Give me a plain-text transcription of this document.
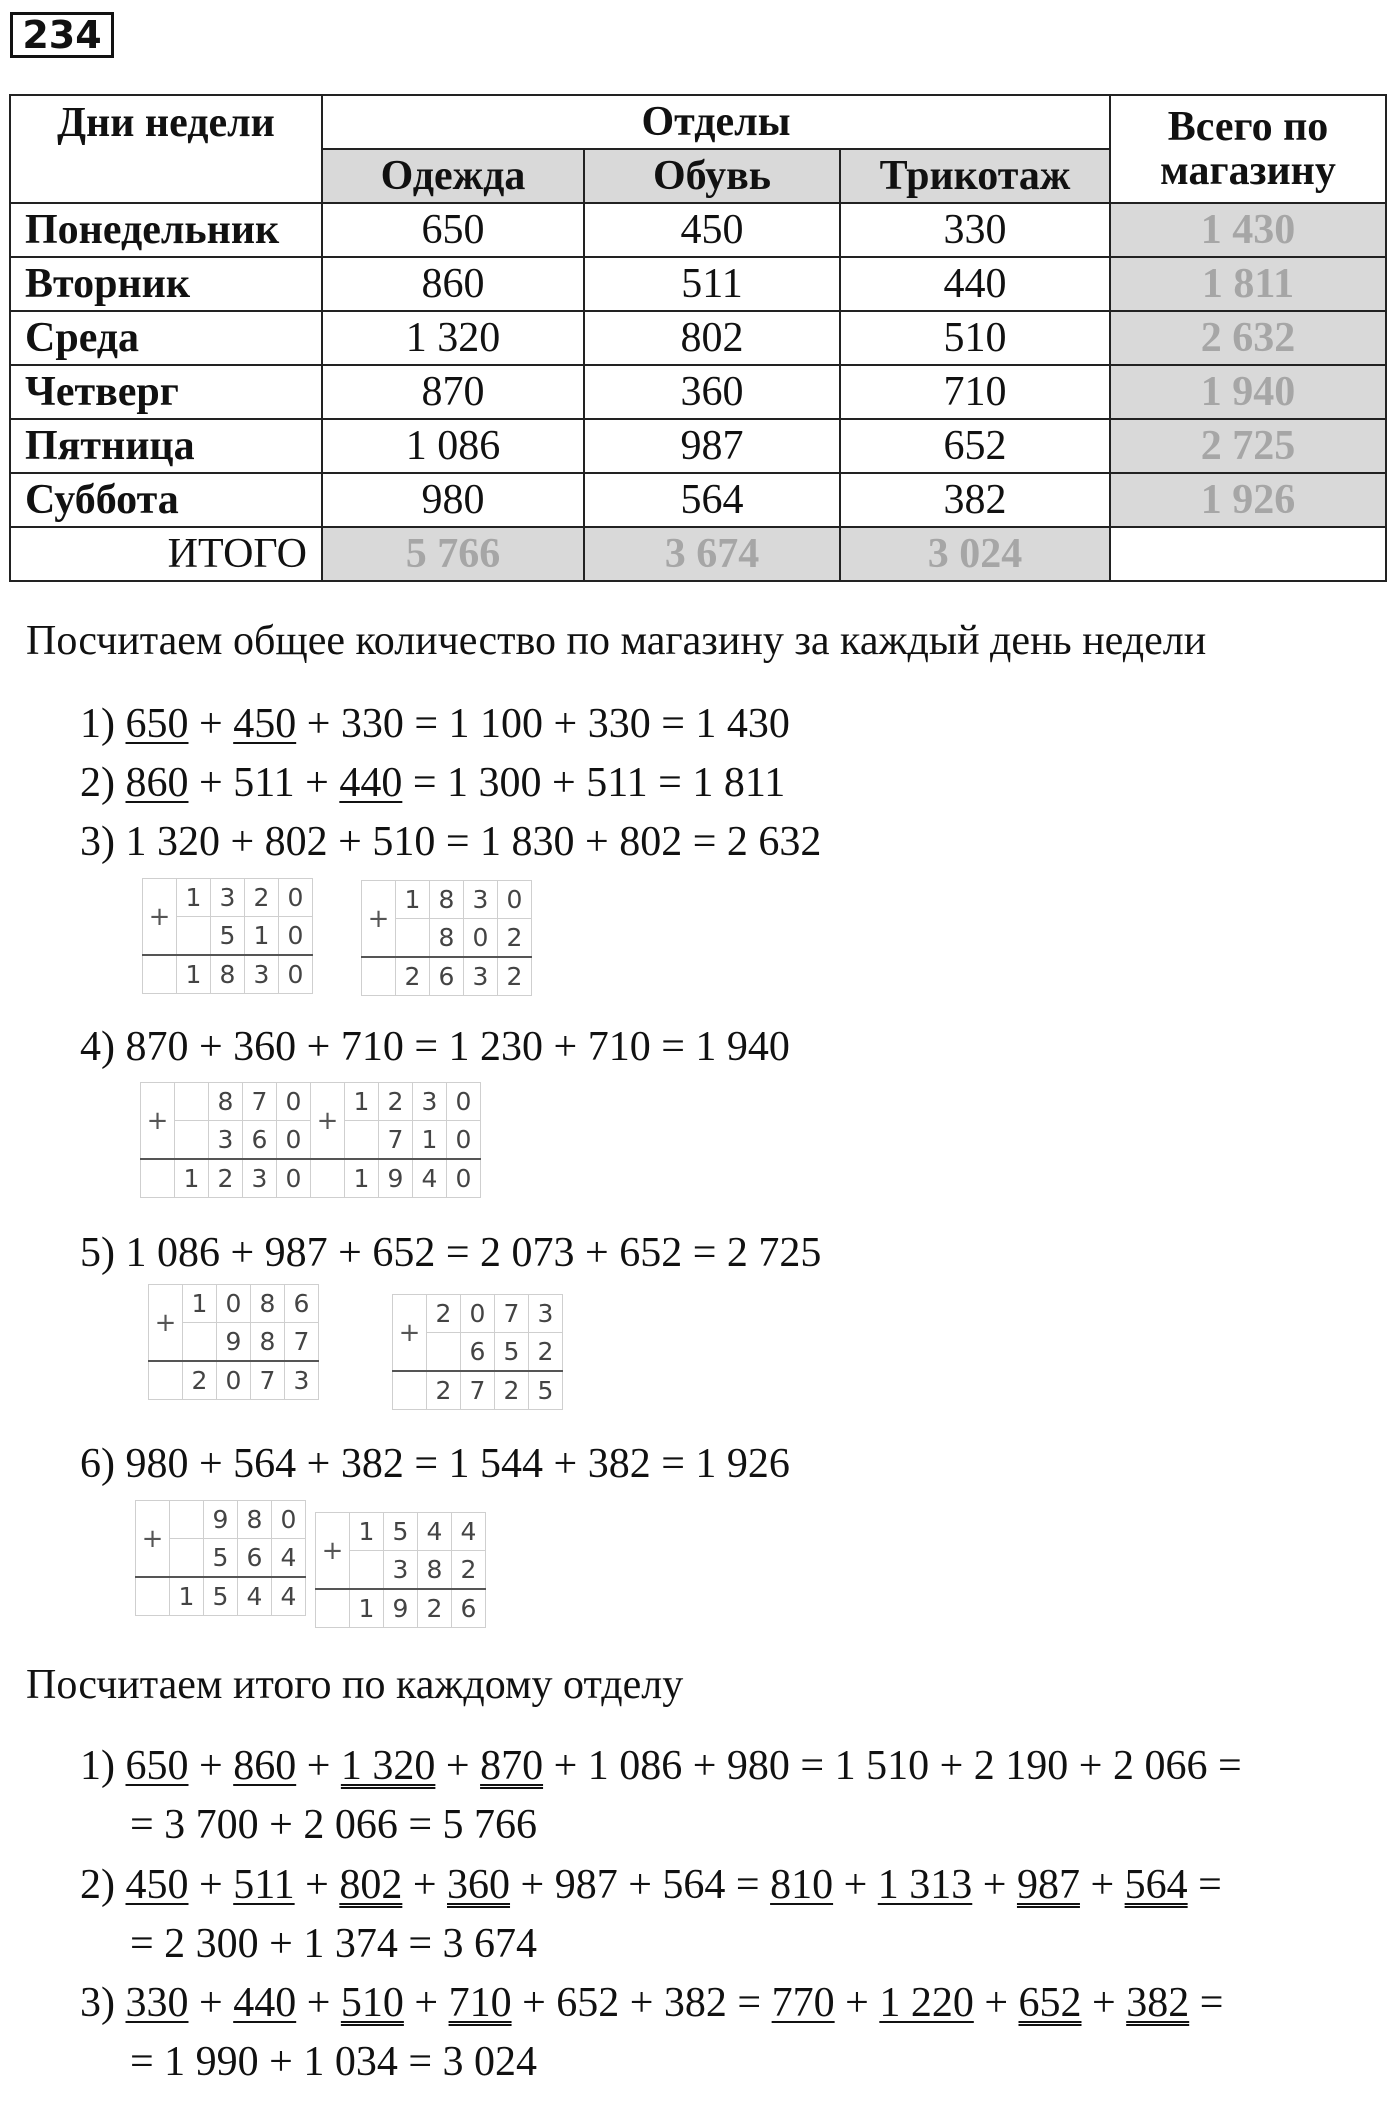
234
Дни недели	Отделы			Всего по магазину
	Одежда	Обувь	Трикотаж	
Понедельник	650	450	330	1 430
Вторник	860	511	440	1 811
Среда	1 320	802	510	2 632
Четверг	870	360	710	1 940
Пятница	1 086	987	652	2 725
Суббота	980	564	382	1 926
ИТОГО	5 766	3 674	3 024	
Посчитаем общее количество по магазину за каждый день недели
1) 650 + 450 + 330 = 1 100 + 330 = 1 430
2) 860 + 511 + 440 = 1 300 + 511 = 1 811
3) 1 320 + 802 + 510 = 1 830 + 802 = 2 632
+	1	3	2	0
		5	1	0
	1	8	3	0
+	1	8	3	0
		8	0	2
	2	6	3	2
4) 870 + 360 + 710 = 1 230 + 710 = 1 940
+		8	7	0
		3	6	0
	1	2	3	0
+	1	2	3	0
		7	1	0
	1	9	4	0
5) 1 086 + 987 + 652 = 2 073 + 652 = 2 725
+	1	0	8	6
		9	8	7
	2	0	7	3
+	2	0	7	3
		6	5	2
	2	7	2	5
6) 980 + 564 + 382 = 1 544 + 382 = 1 926
+		9	8	0
		5	6	4
	1	5	4	4
+	1	5	4	4
		3	8	2
	1	9	2	6
Посчитаем итого по каждому отделу
1) 650 + 860 + 1 320 + 870 + 1 086 + 980 = 1 510 + 2 190 + 2 066 =
= 3 700 + 2 066 = 5 766
2) 450 + 511 + 802 + 360 + 987 + 564 = 810 + 1 313 + 987 + 564 =
= 2 300 + 1 374 = 3 674
3) 330 + 440 + 510 + 710 + 652 + 382 = 770 + 1 220 + 652 + 382 =
= 1 990 + 1 034 = 3 024
